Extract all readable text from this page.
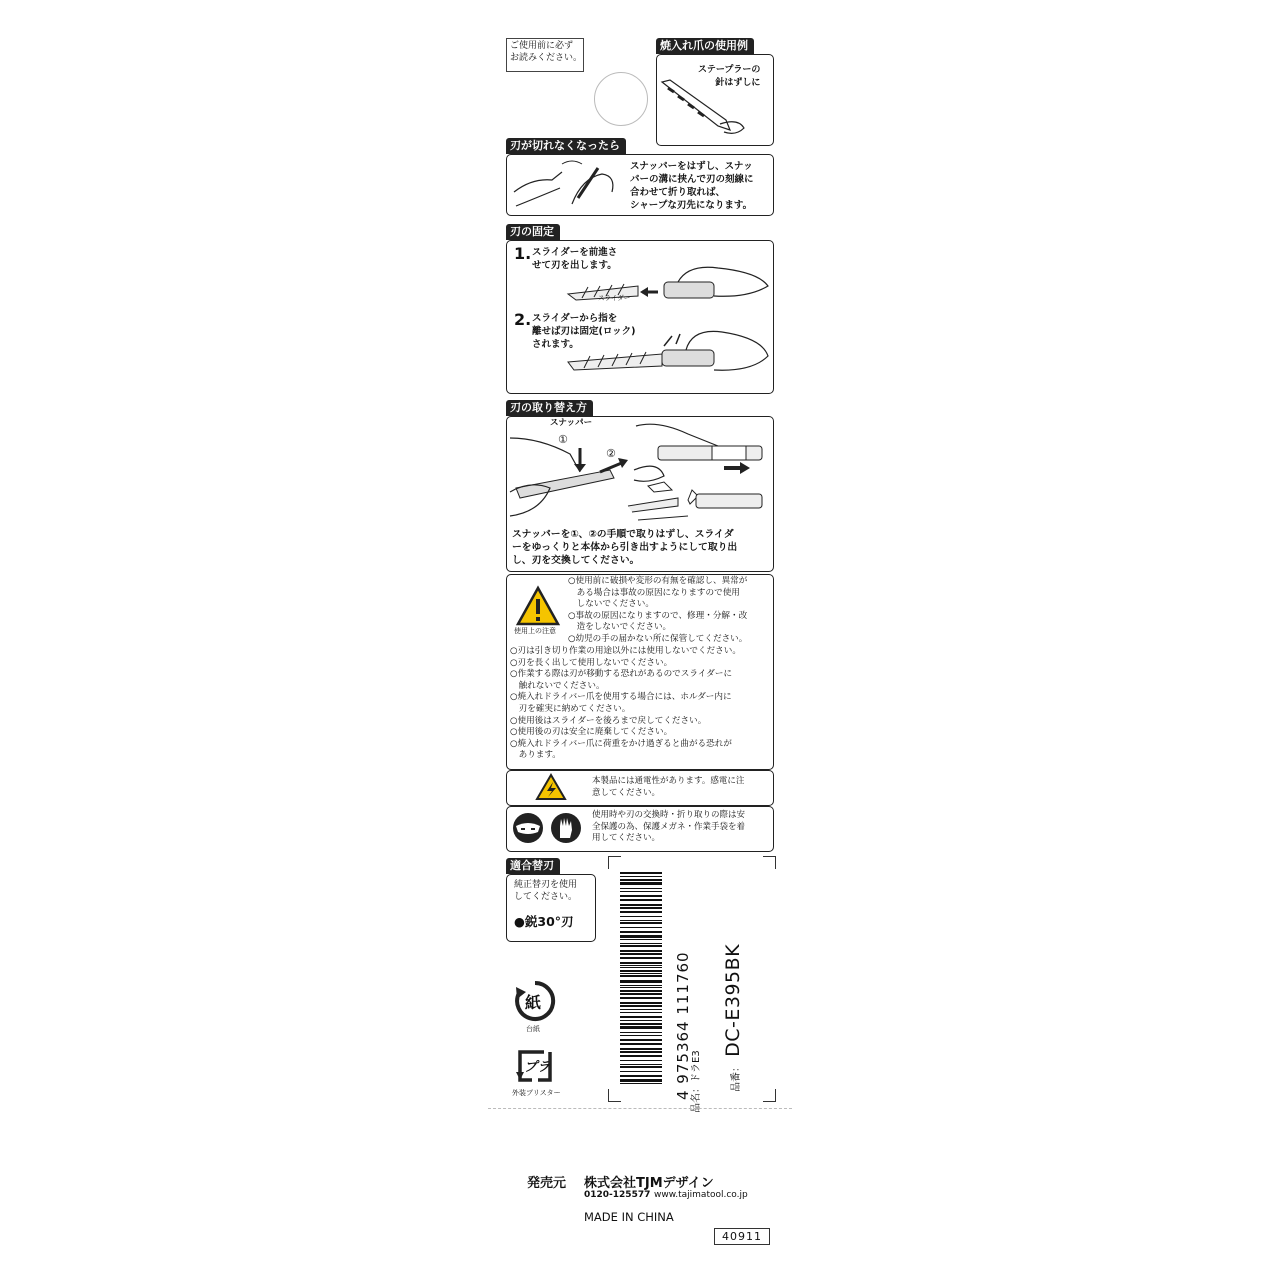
ご使用前に必ず
お読みください。
焼入れ爪の使用例
ステープラーの
針はずしに
刃が切れなくなったら
スナッパーをはずし、スナッ
パーの溝に挟んで刃の刻線に
合わせて折り取れば、
シャープな刃先になります。
刃の固定
1. スライダーを前進さ
せて刃を出します。
スライダー
2. スライダーから指を
離せば刃は固定(ロック)
されます。
刃の取り替え方
スナッパー
①
②
スナッパーを①、②の手順で取りはずし、スライダ
ーをゆっくりと本体から引き出すようにして取り出
し、刃を交換してください。
使用上の注意
○使用前に破損や変形の有無を確認し、異常が
　ある場合は事故の原因になりますので使用
　しないでください。
○事故の原因になりますので、修理・分解・改
　造をしないでください。
○幼児の手の届かない所に保管してください。
○刃は引き切り作業の用途以外には使用しないでください。
○刃を長く出して使用しないでください。
○作業する際は刃が移動する恐れがあるのでスライダーに
　触れないでください。
○焼入れドライバー爪を使用する場合には、ホルダー内に
　刃を確実に納めてください。
○使用後はスライダーを後ろまで戻してください。
○使用後の刃は安全に廃棄してください。
○焼入れドライバー爪に荷重をかけ過ぎると曲がる恐れが
　あります。
本製品には通電性があります。感電に注
意してください。
使用時や刃の交換時・折り取りの際は安
全保護の為、保護メガネ・作業手袋を着
用してください。
適合替刃
純正替刃を使用
してください。
●鋭30°刃
4 975364 111760 品名：ドラE3	品番： DC-E395BK
紙
台紙
プラ
外装ブリスター
発売元 株式会社TJMデザイン
0120-125577 www.tajimatool.co.jp
MADE IN CHINA
40911
